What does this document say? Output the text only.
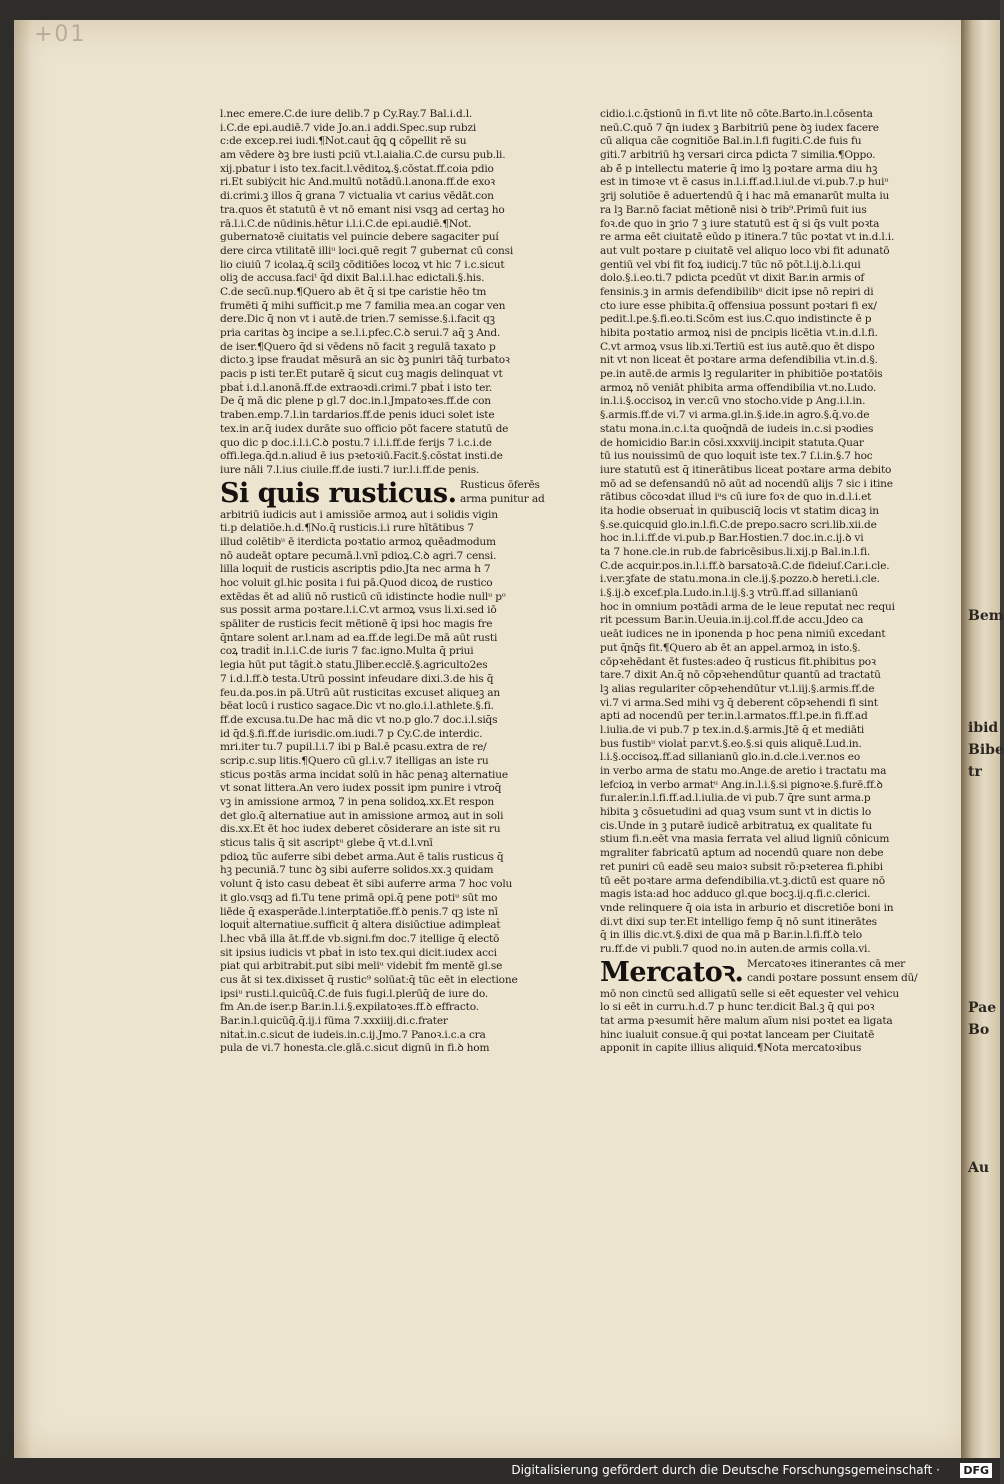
+01
Bem
ibid
Bibe
tr
Pae
Bo
Au
l.nec emere.C.de iure delib.7 p Cy.Ray.7 Bal.i.d.l.
i.C.de epi.audiē.7 vide Jo.an.i addi.Spec.sup rubzi
c:de excep.rei iudi.¶Not.cauṫ q̄ꝗ ꝗ cōpellit rē su
am vēdere ꝺꝫ bre iusti pciū vt.l.aialia.C.de cursu pub.li.
xij.pbatur i isto tex.facit.l.vēditoꝝ.§.cōstat.ff.coia pdio
ri.Et subiẏcit hic And.multū notādū.l.anona.ff.de exoꝛ
di.crimi.ꝫ illos q̄ grana 7 victualia vt carius vēdāt.con
tra.quos ēt statutū ē vt nō emant nisi vsqꝫ ad certaꝫ ho
rā.l.i.C.de nūdinis.hētur i.l.i.C.de epi.audiē.¶Not.
gubernatoꝛē ciuitatis vel puincie debere sagaciter puí
dere circa vtilitatē illiᵘ loci.quē regit 7 gubernat cū consi
lio ciuiū 7 icolaꝝ.q̄ scilꝫ cōditiōes locoꝝ vt hic 7 i.c.sicut
oliꝫ de accusa.faciᵗ q̄d dixit Bal.i.l.hac edictali.§.his.
C.de secū.nup.¶Quero ab ēt q̄ si tpe caristie hēo tm
frumēti q̄ mihi sufficit.p me 7 familia mea.an cogar ven
dere.Dic q̄ non vt i autē.de trien.7 semisse.§.i.facit qꝫ
pria caritas ꝺꝫ incipe a se.l.i.pfec.C.ꝺ serui.7 aq̄ ꝫ And.
de iser.¶Quero q̄d si vēdens nō facit ꝫ regulā taxato p
dicto.ꝫ ipse fraudat mēsurā an sic ꝺꝫ puniri tāq̄ turbatoꝛ
pacis p isti ter.Et putarē q̄ sicut cuꝫ magis delinquat vt
pbaṫ i.d.l.anonā.ff.de extraoꝛdi.crimi.7 pbaṫ i isto ter.
De q̄ mā dic plene p gl.7 doc.in.l.Jmpatoꝛes.ff.de con
traben.emp.7.l.in tardarios.ff.de penis iduci solet iste
tex.in ar.q̄ iudex durāte suo officio pōt facere statutū de
quo dic p doc.i.l.i.C.ꝺ postu.7 i.l.i.ff.de ferijs 7 i.c.i.de
offi.lega.q̄d.n.aliud ē ius pꝛetoꝛiū.Facit.§.cōstat insti.de
iure nāli 7.l.ius ciuile.ff.de iusti.7 iur.l.i.ff.de penis.
Si quis rusticus. Rusticus ōferēs
arma punitur ad
arbitriū iudicis aut i amissiōe armoꝝ aut i solidis vigin
ti.p delatiōe.h.d.¶No.q̄ rusticis.i.i rure hītātibus 7
illud colētibᵘ ē iterdicta poꝛtatio armoꝝ quēadmodum
nō audeāt optare pecumā.l.vnī pdioꝝ.C.ꝺ agri.7 censi.
lilla loquiṫ de rusticis ascriptis pdio.Jta nec arma h 7
hoc voluit gl.hic posita i fui pā.Quod dicoꝝ de rustico
extēdas ēt ad aliū nō rusticū cū idistincte hodie nullᵘ pᵒ
sus possit arma poꝛtare.l.i.C.vt armoꝝ vsus li.xi.sed iō
spāliter de rusticis fecit mētionē q̄ ipsi hoc magis fre
q̄ntare solent ar.l.nam ad ea.ff.de legi.De mā aūt rusti
coꝝ tradiṫ in.l.i.C.de iuris 7 fac.igno.Multa q̄ priui
legia hūt put tāgiṫ.ꝺ statu.Jliber.ecclē.§.agriculto2es
7 i.d.l.ff.ꝺ testa.Utrū possint infeudare dixi.3.de his q̄
feu.da.pos.in pā.Utrū aūt rusticitas excuset aliqueꝫ an
bēat locū i rustico sagace.Dic vt no.glo.i.l.athlete.§.fi.
ff.de excusa.tu.De hac mā dic vt no.p glo.7 doc.i.l.siq̄s
id q̄d.§.fi.ff.de iurisdic.om.iudi.7 p Cy.C.de interdic.
mri.iter tu.7 pupil.l.i.7 ibi p Bal.ē pcasu.extra de re/
scrip.c.sup litis.¶Quero cū gl.i.v.7 itelligas an iste ru
sticus poꝛtās arma incidat solū in hāc penaꝫ alternatiue
vt sonat littera.An vero iudex possit ipm punire i vtroq̄
vꝫ in amissione armoꝝ 7 in pena solidoꝝ.xx.Et respon
det glo.q̄ alternatiue aut in amissione armoꝝ aut in soli
dis.xx.Et ēt hoc iudex deberet cōsiderare an iste sit ru
sticus talis q̄ sit ascriptᵘ glebe q̄ vt.d.l.vnī
pdioꝝ tūc auferre sibi debet arma.Aut ē talis rusticus q̄
hꝫ pecuniā.7 tunc ꝺꝫ sibi auferre solidos.xx.ꝫ quidam
volunt q̄ isto casu debeat ēt sibi auferre arma 7 hoc volu
it glo.vsqꝫ ad fi.Tu tene primā opi.q̄ pene potiᵘ sūt mo
liēde q̄ exasperāde.l.interptatiōe.ff.ꝺ penis.7 qꝫ iste nī
loquiṫ alternatiue.sufficit q̄ altera disiūctiue adimpleaṫ
l.hec vbā illa āt.ff.de vb.signi.fm doc.7 itellige q̄ electō
sit ipsius iudicis vt pbaṫ in isto tex.qui dicit.iudex acci
piat qui arbitrabiṫ.put sibi meliᵘ videbiṫ fm mentē gl.se
cus āt si tex.dixisset q̄ rustic⁹ solūat:q̄ tūc eēt in electione
ipsiᵘ rusti.l.quicūq̄.C.de fuis fugi.l.plerūq̄ de iure do.
fm An.de iser.p Bar.in.l.i.§.expilatoꝛes.ff.ꝺ effracto.
Bar.in.l.quicūq̄.q̄.ij.i fūma 7.xxxiiij.di.c.frater
nitaṫ.in.c.sicut de iudeis.in.c.ij.Jmo.7 Panoꝛ.i.c.a cra
pula de vi.7 honesta.cle.glā.c.sicut dignū in fi.ꝺ hom
cidio.i.c.q̄stionū in fi.vt lite nō cōte.Barto.in.l.cōsenta
neū.C.quō 7 q̄n iudex ꝫ Barbitriū pene ꝺꝫ iudex facere
cū aliqua cāe cognitiōe Bal.in.l.fi fugiti.C.de fuis fu
giti.7 arbitriū hꝫ versari circa pdicta 7 similia.¶Oppo.
ab ē̄ p intellectu materie q̄ imo lꝫ poꝛtare arma diu hꝫ
est in timoꝛe vt ē casus in.l.i.ff.ad.l.iul.de vi.pub.7.p huiᵘ
ꝫrij solutiōe ē aduertendū q̄ i hac mā emanarūt multa iu
ra lꝫ Bar.nō faciat mētionē nisi ꝺ trib⁹.Primū fuit ius
foꝛ.de quo in ꝫrio 7 ꝫ iure statutū est q̄ si q̄s vult poꝛta
re arma eēt ciuitatē eūdo p itinera.7 tūc poꝛtat vt in.d.l.i.
aut vult poꝛtare p ciuitatē vel aliquo loco vbi fit adunatō
gentiū vel vbi fit foꝝ iudiciȷ.7 tūc nō pōt.l.ij.ꝺ.l.i.qui
dolo.§.i.eo.ti.7 pdicta pcedūt vt dixit Bar.in armis of
fensinis.ꝫ in armis defendibilibᵘ dicit ipse nō repiri di
cto iure esse phibita.q̄ offensiua possunt poꝛtari fi ex/
pedit.l.pe.§.fi.eo.ti.Scōm est ius.C.quo indistincte ē p
hibita poꝛtatio armoꝝ nisi de pncipis licētia vt.in.d.l.fi.
C.vt armoꝝ vsus lib.xi.Tertiū est ius autē.quo ēt dispo
nit vt non liceat ēt poꝛtare arma defendibilia vt.in.d.§.
pe.in autē.de armis lꝫ regulariter in phibitiōe poꝛtatōis
armoꝝ nō veniāt phibita arma offendibilia vt.no.Ludo.
in.l.i.§.occisoꝝ in ver.cū vno stocho.vide p Ang.i.l.in.
§.armis.ff.de vi.7 vi arma.gl.in.§.ide.in agro.§.q̄.vo.de
statu mona.in.c.i.ta quoq̄ndā de iudeis in.c.si pꝛodies
de homicidio Bar.in cōsi.xxxviij.incipit statuta.Quar
tū ius nouissimū de quo loquiṫ iste tex.7 ſ.i.in.§.7 hoc
iure statutū est q̄ itinerātibus liceat poꝛtare arma debito
mō ad se defensandū nō aūt ad nocendū alijs 7 sic i itine
rātibus cōcoꝛdat illud iᵘs cū iure foꝛ de quo in.d.l.i.et
ita hodie obseruaṫ in quibusciq̄ locis vt statim dicaꝫ in
§.se.quicquid glo.in.l.fi.C.de prepo.sacro scri.lib.xii.de
hoc in.l.i.ff.de vi.pub.p Bar.Hostien.7 doc.in.c.ij.ꝺ vi
ta 7 hone.cle.in rub.de fabricēsibus.li.xij.p Bal.in.l.fi.
C.de acquir.pos.in.l.i.ff.ꝺ barsatoꝛā.C.de fideiuſ.Car.i.cle.
i.ver.ꝫfate de statu.mona.in cle.ij.§.pozzo.ꝺ hereti.i.cle.
i.§.ij.ꝺ excef.pla.Ludo.in.l.ij.§.ꝫ vtrū.ff.ad sillanianū
hoc in omnium poꝛtādi arma de le leue reputaṫ nec requi
rit pcessum Bar.in.Ueuia.in.ij.col.ff.de accu.Jdeo ca
ueāt iudices ne in iponenda p hoc pena nimiū excedant
put q̄nq̄s fit.¶Quero ab ēt an appel.armoꝝ in isto.§.
cōpꝛehēdant ēt fustes:adeo q̄ rusticus fit.phibitus poꝛ
tare.7 dixit An.q̄ nō cōpꝛehendūtur quantū ad tractatū
lꝫ alias regulariter cōpꝛehendūtur vt.l.iij.§.armis.ff.de
vi.7 vi arma.Sed mihi vꝫ q̄ deberent cōpꝛehendi fi sint
apti ad nocendū per ter.in.l.armatos.ff.l.pe.in fi.ff.ad
l.iulia.de vi pub.7 p tex.in.d.§.armis.Jtē q̄ et mediāti
bus fustibᵘ violaṫ par.vt.§.eo.§.si quis aliquē.Lud.in.
l.i.§.occisoꝝ.ff.ad sillanianū glo.in.d.cle.i.ver.nos eo
in verbo arma de statu mo.Ange.de aretio i tractatu ma
lefcioꝝ in verbo armatᵘ Ang.in.l.i.§.si pignoꝛe.§.furē.ff.ꝺ
fur.aler.in.l.fi.ff.ad.l.iulia.de vi pub.7 q̄re sunt arma.p
hibita ꝫ cōsuetudini ad quaꝫ vsum sunt vt in dictis lo
cis.Unde in ꝫ putarē iudicē arbitratuꝝ ex qualitate fu
stium fi.n.eēt vna masia ferrata vel aliud ligniū cōnicum
mgraliter fabricatū aptum ad nocendū quare non debe
ret puniri cū eadē seu maioꝛ subsit rō:pꝛeterea fi.phibi
tū eēt poꝛtare arma defendibilia.vt.ꝫ.dictū est quare nō
magis ista:ad hoc adduco gl.que bocꝫ.ij.q.fi.c.clerici.
vnde relinquere q̄ oia ista in arburio et discretiōe boni in
di.vt dixi sup ter.Et intelligo femp q̄ nō sunt itinerātes
q̄ in illis dic.vt.§.dixi de qua mā p Bar.in.l.fi.ff.ꝺ telo
ru.ff.de vi publi.7 quod no.in auten.de armis colla.vi.
Mercatoꝛ. Mercatoꝛes itinerantes cā mer
candi poꝛtare possunt ensem dū/
mō non cinctū sed alligatū selle si eēt equester vel vehicu
lo si eēt in curru.h.d.7 p hunc ter.dicit Bal.ꝫ q̄ qui poꝛ
tat arma pꝛesumiṫ hēre malum aīum nisi poꝛtet ea ligata
hinc iualuit consue.q̄ qui poꝛtat lanceam per Ciuitatē
apponit in capite illius aliquid.¶Nota mercatoꝛibus
Digitalisierung gefördert durch die Deutsche Forschungsgemeinschaft · DFG
